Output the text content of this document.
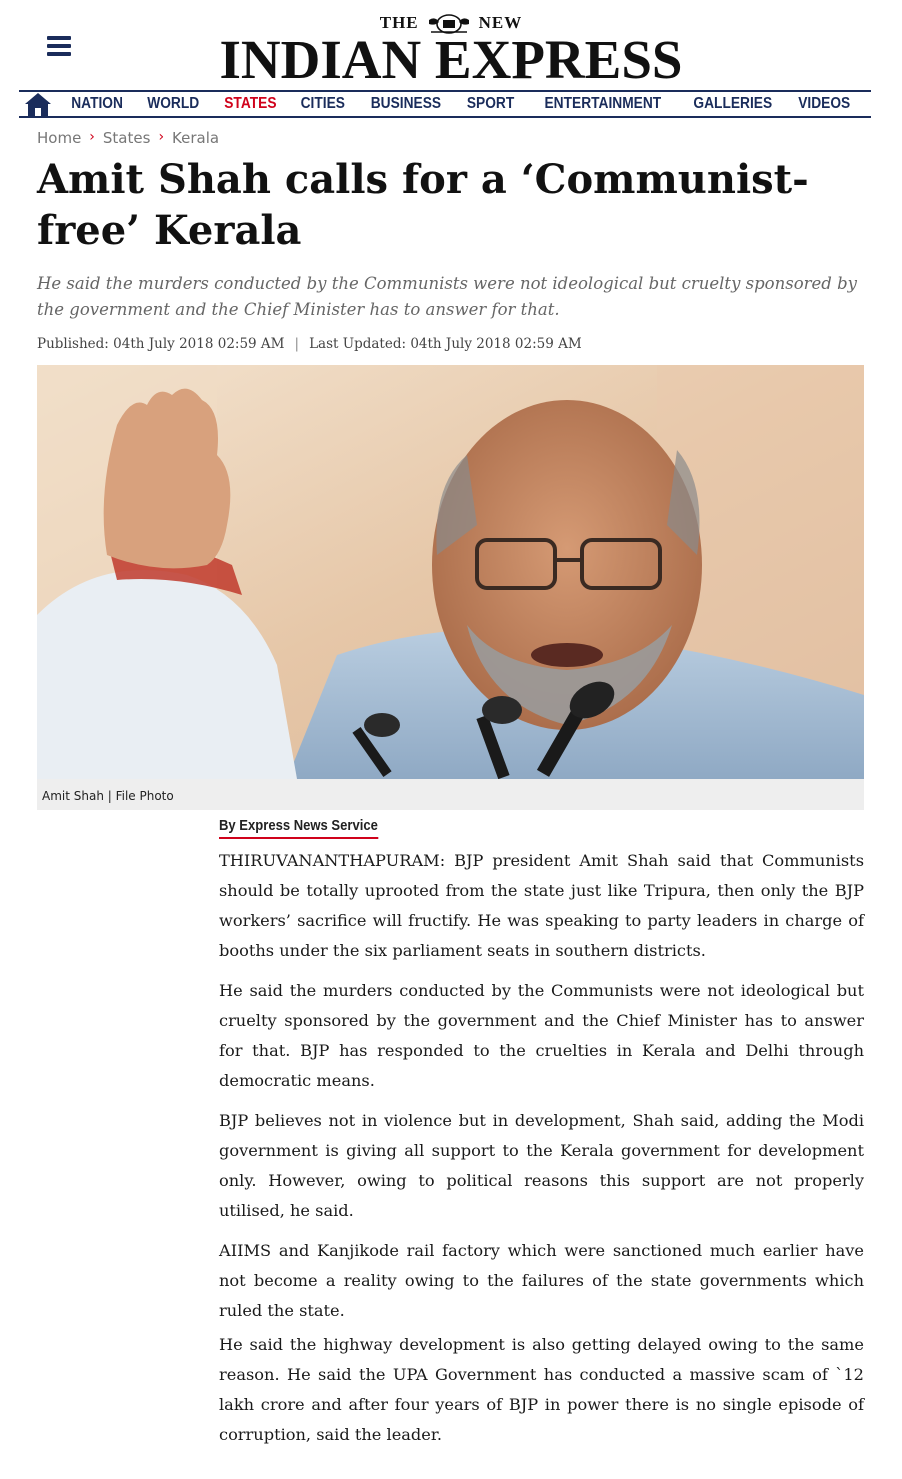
THE	NEW
INDIAN EXPRESS
NATION WORLD STATES CITIES BUSINESS SPORT ENTERTAINMENT GALLERIES VIDEOS
Home › States › Kerala
Amit Shah calls for a ‘Communist-free’ Kerala
He said the murders conducted by the Communists were not ideological but cruelty sponsored by the government and the Chief Minister has to answer for that.
Published: 04th July 2018 02:59 AM | Last Updated: 04th July 2018 02:59 AM
Amit Shah | File Photo
By Express News Service

THIRUVANANTHAPURAM: BJP president Amit Shah said that Communists should be totally uprooted from the state just like Tripura, then only the BJP workers’ sacrifice will fructify. He was speaking to party leaders in charge of booths under the six parliament seats in southern districts.

He said the murders conducted by the Communists were not ideological but cruelty sponsored by the government and the Chief Minister has to answer for that. BJP has responded to the cruelties in Kerala and Delhi through democratic means.

BJP believes not in violence but in development, Shah said, adding the Modi government is giving all support to the Kerala government for development only. However, owing to political reasons this support are not properly utilised, he said.

AIIMS and Kanjikode rail factory which were sanctioned much earlier have not become a reality owing to the failures of the state governments which ruled the state.

He said the highway development is also getting delayed owing to the same reason. He said the UPA Government has conducted a massive scam of `12 lakh crore and after four years of BJP in power there is no single episode of corruption, said the leader.
